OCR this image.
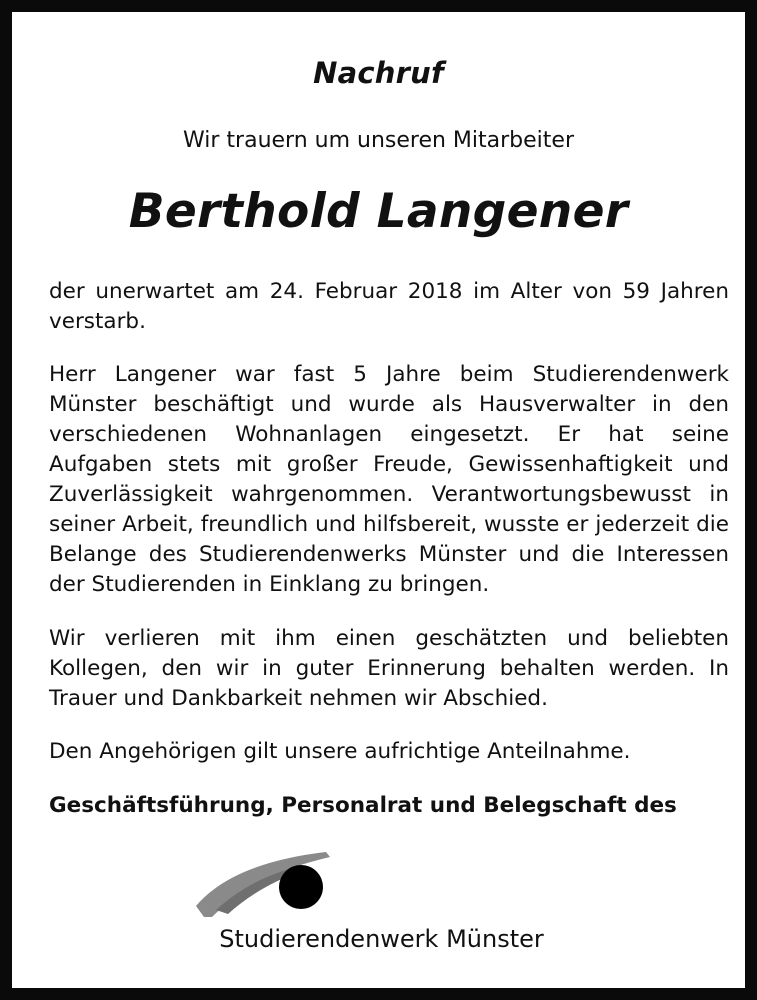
Nachruf
Wir trauern um unseren Mitarbeiter
Berthold Langener
der unerwartet am 24. Februar 2018 im Alter von 59 Jahren verstarb.
Herr Langener war fast 5 Jahre beim Studierendenwerk Münster beschäftigt und wurde als Hausverwalter in den verschiedenen Wohnanlagen eingesetzt. Er hat seine Aufgaben stets mit großer Freude, Gewissenhaftigkeit und Zuverlässigkeit wahrgenommen. Verantwortungsbewusst in seiner Arbeit, freundlich und hilfsbereit, wusste er jederzeit die Belange des Studierendenwerks Münster und die Interessen der Studierenden in Einklang zu bringen.
Wir verlieren mit ihm einen geschätzten und beliebten Kollegen, den wir in guter Erinnerung behalten werden. In Trauer und Dankbarkeit nehmen wir Abschied.
Den Angehörigen gilt unsere aufrichtige Anteilnahme.
Geschäftsführung, Personalrat und Belegschaft des
Studierendenwerk Münster
